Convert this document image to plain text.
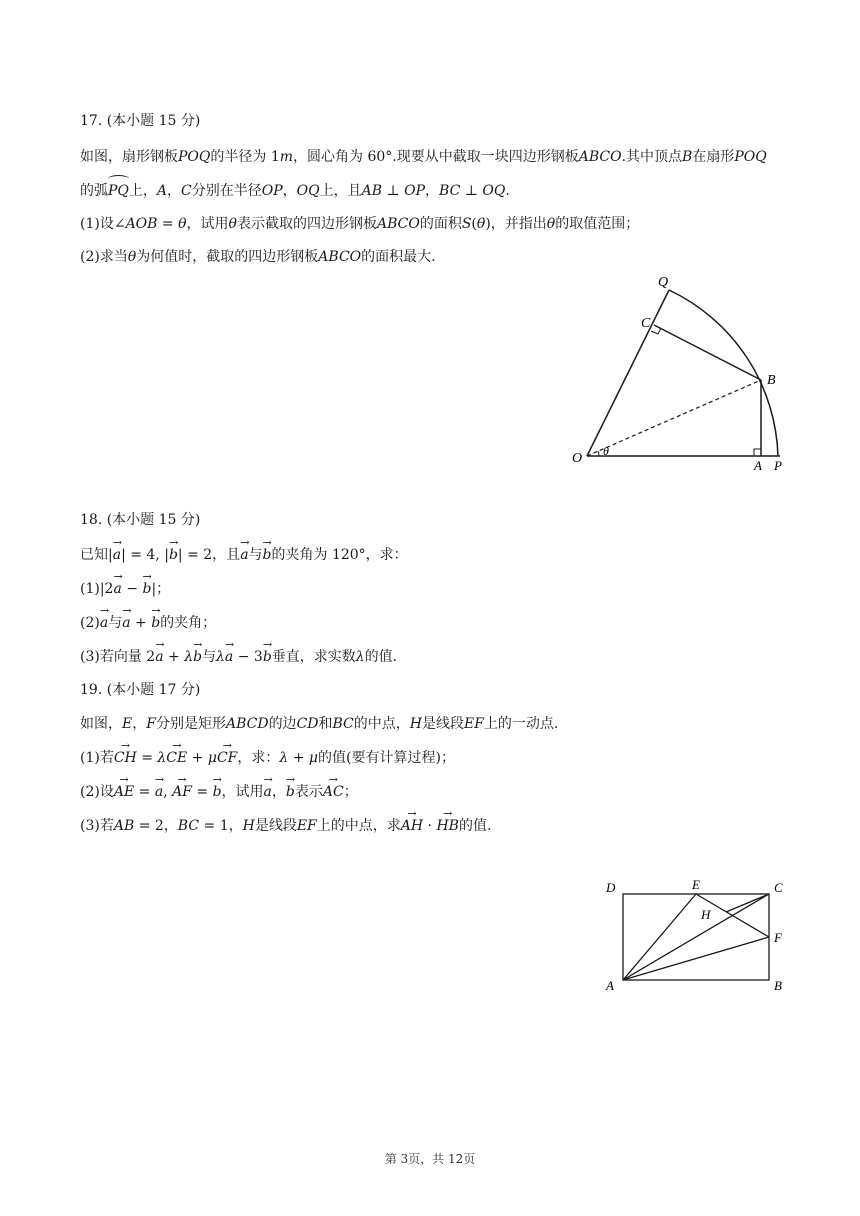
17. (本小题 15 分)
如图，扇形钢板POQ的半径为 1m，圆心角为 60°.现要从中截取一块四边形钢板ABCO.其中顶点B在扇形POQ
的弧PQ上，A，C分别在半径OP，OQ上，且AB ⊥ OP，BC ⊥ OQ.
(1)设∠AOB = θ，试用θ表示截取的四边形钢板ABCO的面积S(θ)，并指出θ的取值范围；
(2)求当θ为何值时，截取的四边形钢板ABCO的面积最大.
Q
C
B
O θ
A P
18. (本小题 15 分)
已知|→ a| = 4, |→ b| = 2，且→ a与→ b的夹角为 120°，求：
(1)|2→ a − → b|；
(2)→ a与→ a + → b的夹角；
(3)若向量 2→ a + λ→ b与λ→ a − 3→ b垂直，求实数λ的值.
19. (本小题 17 分)
如图，E，F分别是矩形ABCD的边CD和BC的中点，H是线段EF上的一动点.
(1)若→ CH = λ→ CE + μ→ CF，求：λ + μ的值(要有计算过程)；
(2)设→ AE = → a, → AF = → b，试用→ a，→ b表示→ AC；
(3)若AB = 2，BC = 1，H是线段EF上的中点，求→ AH · → HB的值.
D	E	C
H
F
A	B
第 3页，共 12页
